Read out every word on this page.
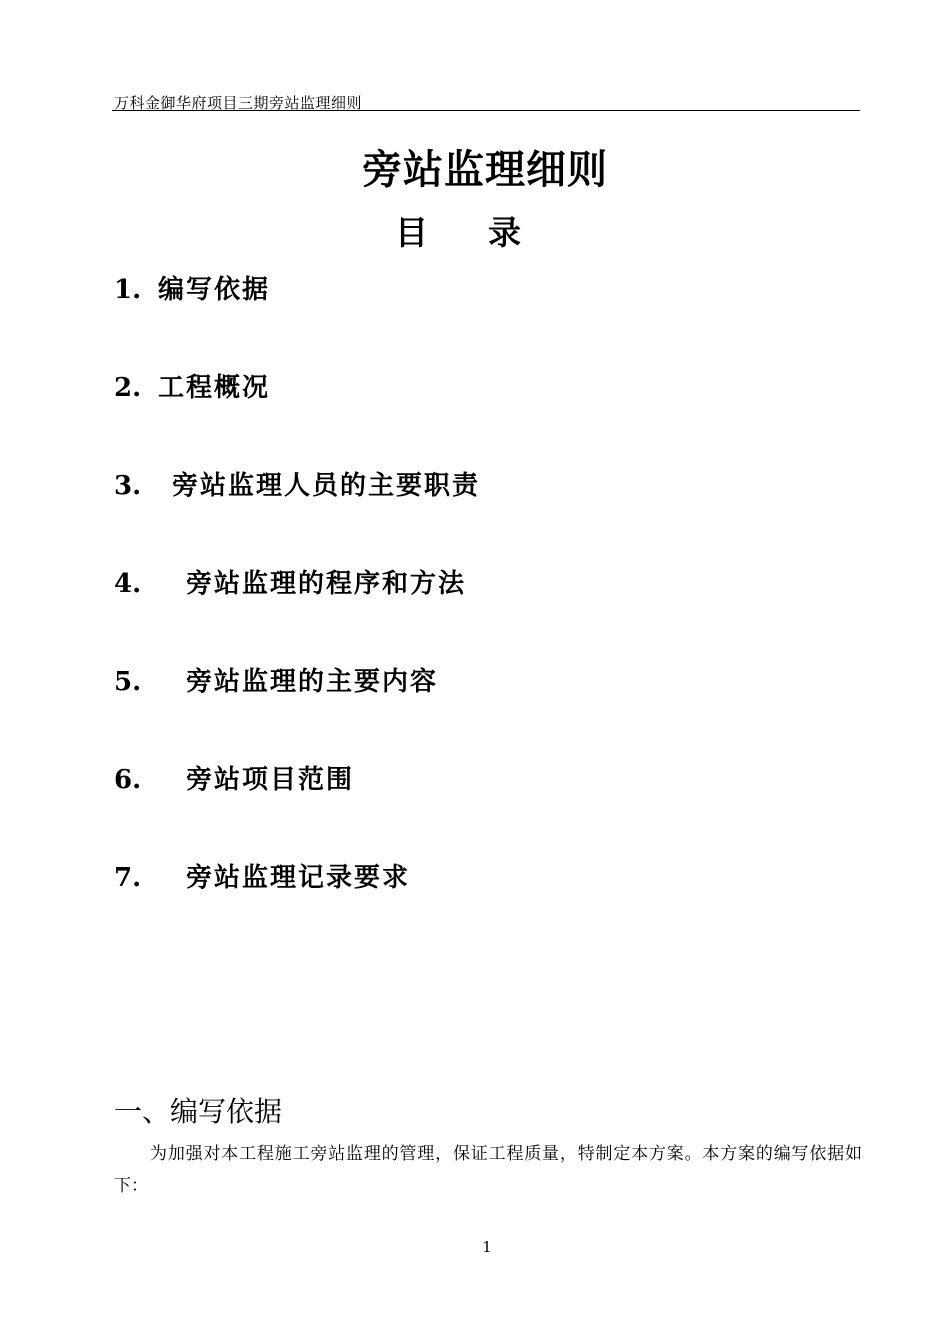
万科金御华府项目三期旁站监理细则
旁站监理细则
目录
1. 编写依据
2. 工程概况
3. 旁站监理人员的主要职责
4. 旁站监理的程序和方法
5. 旁站监理的主要内容
6. 旁站项目范围
7. 旁站监理记录要求
一、编写依据
为加强对本工程施工旁站监理的管理，保证工程质量，特制定本方案。本方案的编写依据如下：
1
